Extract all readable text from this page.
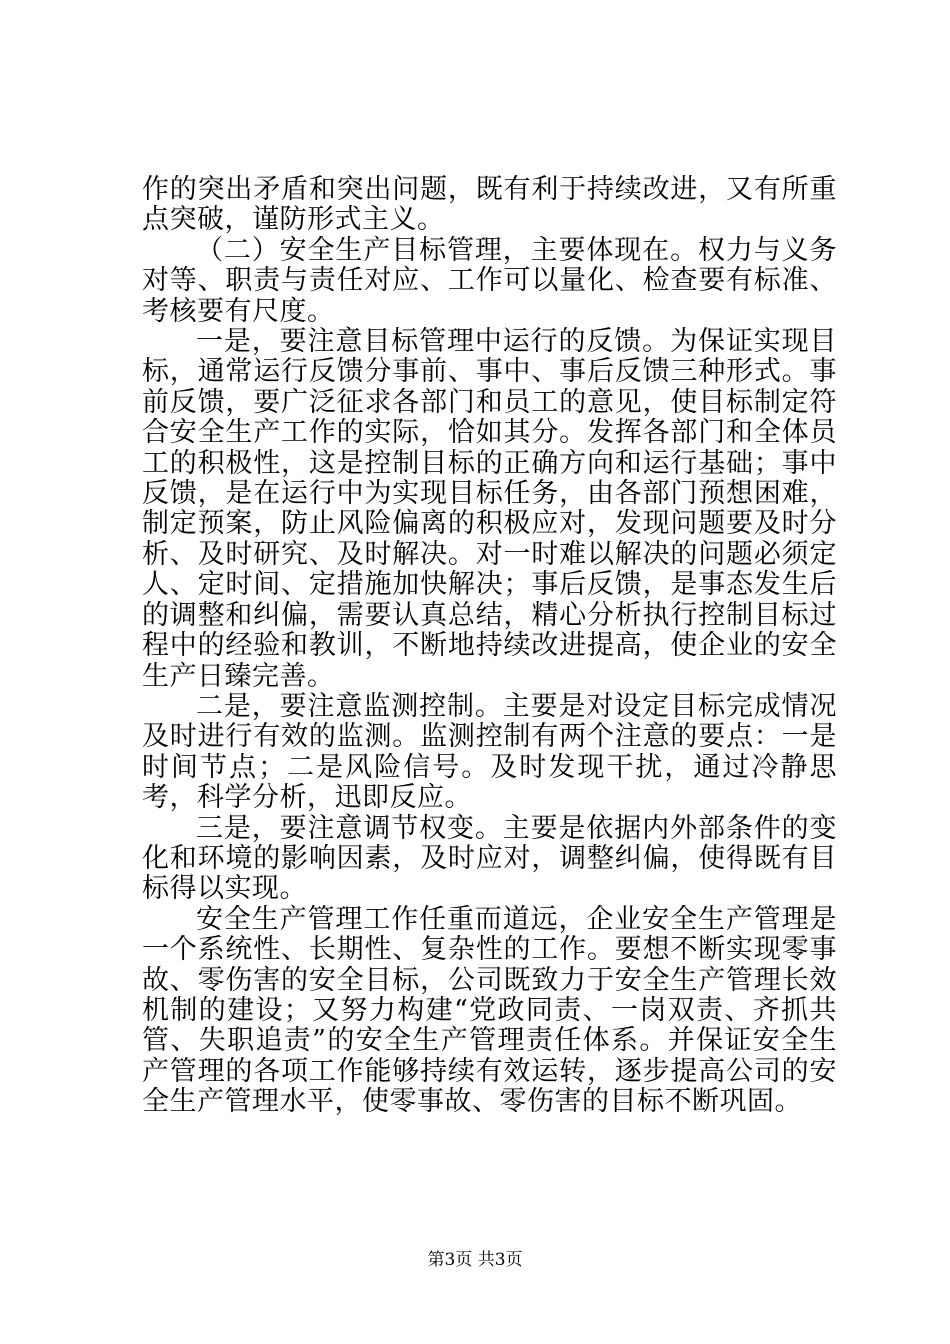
作的突出矛盾和突出问题，既有利于持续改进，又有所重点突破，谨防形式主义。

（二）安全生产目标管理，主要体现在。权力与义务对等、职责与责任对应、工作可以量化、检查要有标准、考核要有尺度。

一是，要注意目标管理中运行的反馈。为保证实现目标，通常运行反馈分事前、事中、事后反馈三种形式。事前反馈，要广泛征求各部门和员工的意见，使目标制定符合安全生产工作的实际，恰如其分。发挥各部门和全体员工的积极性，这是控制目标的正确方向和运行基础；事中反馈，是在运行中为实现目标任务，由各部门预想困难，制定预案，防止风险偏离的积极应对，发现问题要及时分析、及时研究、及时解决。对一时难以解决的问题必须定人、定时间、定措施加快解决；事后反馈，是事态发生后的调整和纠偏，需要认真总结，精心分析执行控制目标过程中的经验和教训，不断地持续改进提高，使企业的安全生产日臻完善。

二是，要注意监测控制。主要是对设定目标完成情况及时进行有效的监测。监测控制有两个注意的要点：一是时间节点；二是风险信号。及时发现干扰，通过冷静思考，科学分析，迅即反应。

三是，要注意调节权变。主要是依据内外部条件的变化和环境的影响因素，及时应对，调整纠偏，使得既有目标得以实现。

安全生产管理工作任重而道远，企业安全生产管理是一个系统性、长期性、复杂性的工作。要想不断实现零事故、零伤害的安全目标，公司既致力于安全生产管理长效机制的建设；又努力构建“党政同责、一岗双责、齐抓共管、失职追责”的安全生产管理责任体系。并保证安全生产管理的各项工作能够持续有效运转，逐步提高公司的安全生产管理水平，使零事故、零伤害的目标不断巩固。

第3页 共3页
